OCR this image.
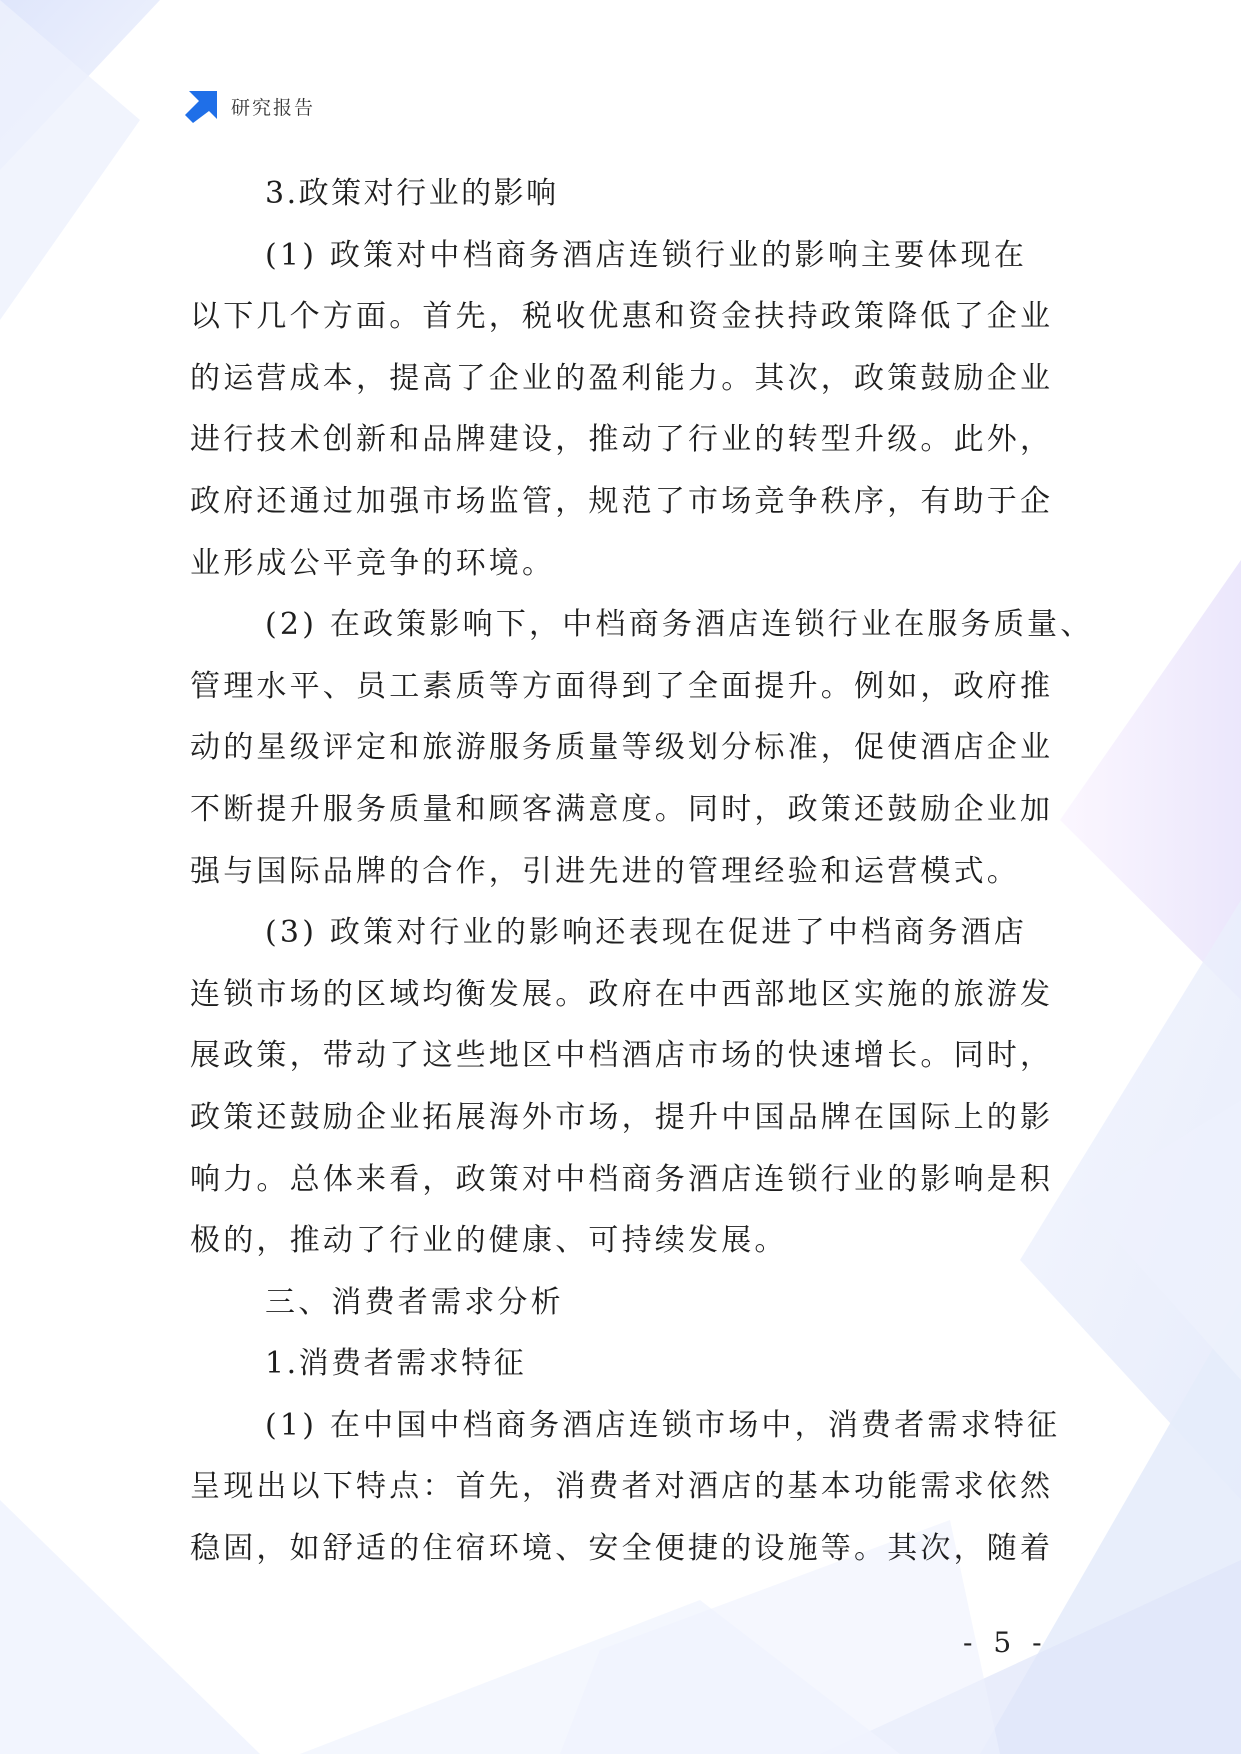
研究报告
3.政策对行业的影响
(1) 政策对中档商务酒店连锁行业的影响主要体现在
以下几个方面。首先，税收优惠和资金扶持政策降低了企业
的运营成本，提高了企业的盈利能力。其次，政策鼓励企业
进行技术创新和品牌建设，推动了行业的转型升级。此外，
政府还通过加强市场监管，规范了市场竞争秩序，有助于企
业形成公平竞争的环境。
(2) 在政策影响下，中档商务酒店连锁行业在服务质量、
管理水平、员工素质等方面得到了全面提升。例如，政府推
动的星级评定和旅游服务质量等级划分标准，促使酒店企业
不断提升服务质量和顾客满意度。同时，政策还鼓励企业加
强与国际品牌的合作，引进先进的管理经验和运营模式。
(3) 政策对行业的影响还表现在促进了中档商务酒店
连锁市场的区域均衡发展。政府在中西部地区实施的旅游发
展政策，带动了这些地区中档酒店市场的快速增长。同时，
政策还鼓励企业拓展海外市场，提升中国品牌在国际上的影
响力。总体来看，政策对中档商务酒店连锁行业的影响是积
极的，推动了行业的健康、可持续发展。
三、消费者需求分析
1.消费者需求特征
(1) 在中国中档商务酒店连锁市场中，消费者需求特征
呈现出以下特点：首先，消费者对酒店的基本功能需求依然
稳固，如舒适的住宿环境、安全便捷的设施等。其次，随着
- 5 -
